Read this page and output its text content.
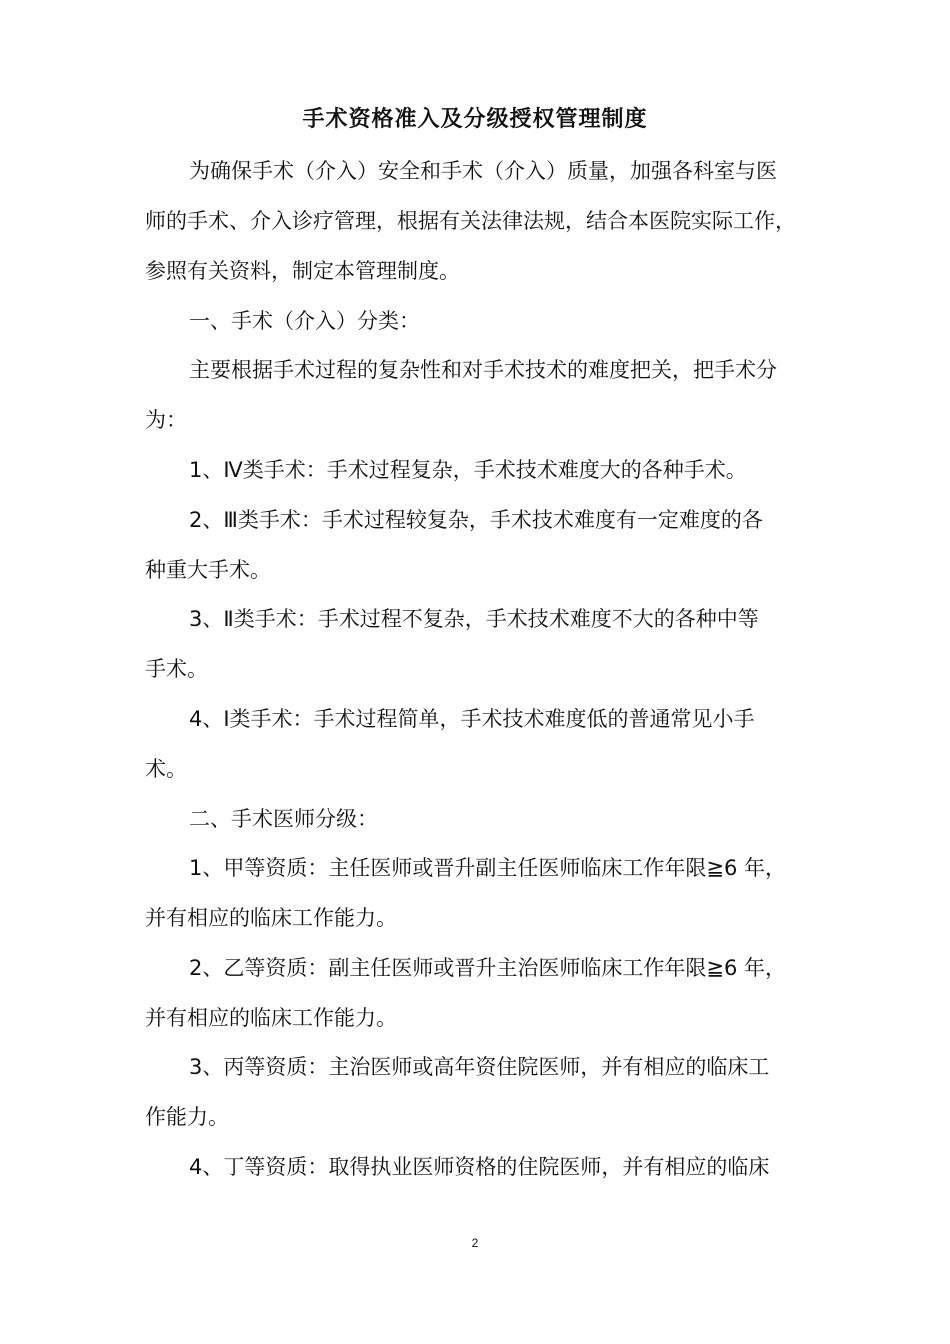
手术资格准入及分级授权管理制度
为确保手术（介入）安全和手术（介入）质量，加强各科室与医
师的手术、介入诊疗管理，根据有关法律法规，结合本医院实际工作，
参照有关资料，制定本管理制度。
一、手术（介入）分类：
主要根据手术过程的复杂性和对手术技术的难度把关，把手术分
为：
1、Ⅳ类手术：手术过程复杂，手术技术难度大的各种手术。
2、Ⅲ类手术：手术过程较复杂，手术技术难度有一定难度的各
种重大手术。
3、Ⅱ类手术：手术过程不复杂，手术技术难度不大的各种中等
手术。
4、Ⅰ类手术：手术过程简单，手术技术难度低的普通常见小手
术。
二、手术医师分级：
1、甲等资质：主任医师或晋升副主任医师临床工作年限≧6 年，
并有相应的临床工作能力。
2、乙等资质：副主任医师或晋升主治医师临床工作年限≧6 年，
并有相应的临床工作能力。
3、丙等资质：主治医师或高年资住院医师，并有相应的临床工
作能力。
4、丁等资质：取得执业医师资格的住院医师，并有相应的临床
2
